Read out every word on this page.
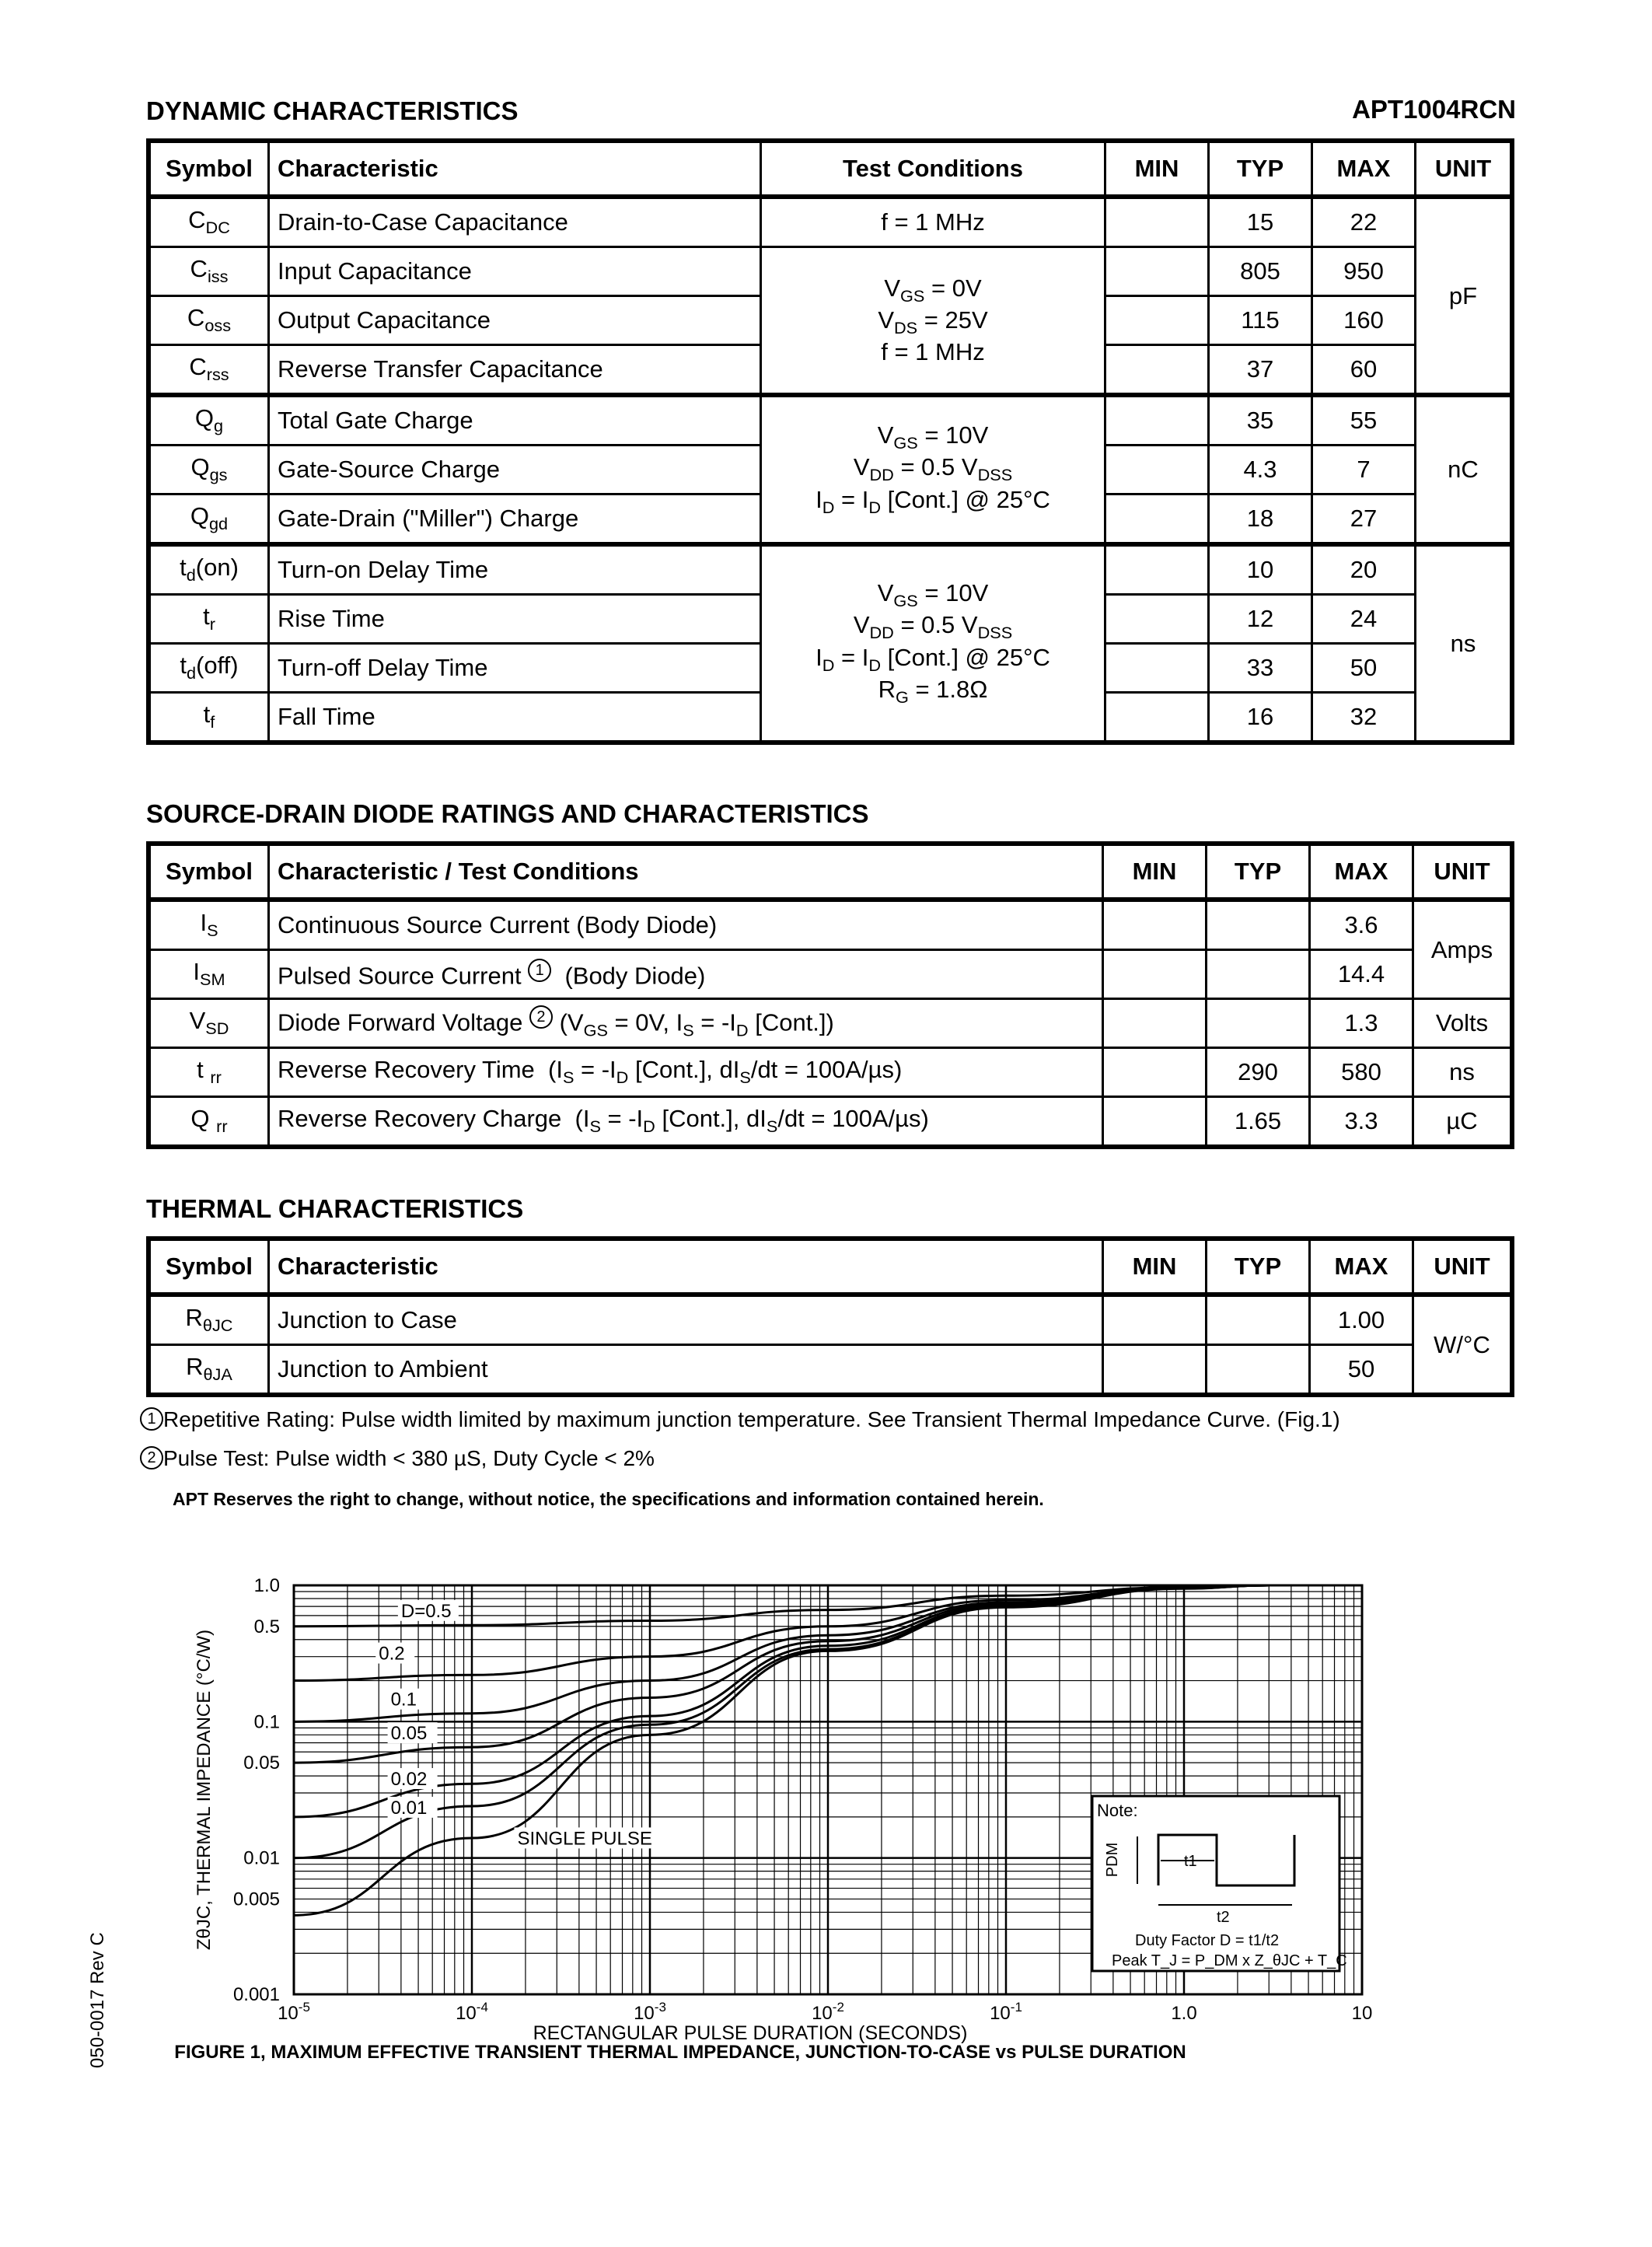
DYNAMIC CHARACTERISTICS	APT1004RCN
Symbol	Characteristic	Test Conditions	MIN	TYP	MAX	UNIT
$C_{DC}$	Drain-to-Case Capacitance	f = 1 MHz		15	22	pF
$C_{iss}$	Input Capacitance	$V_{GS} = 0V$
$V_{DS} = 25V$
f = 1 MHz		805	950	
$C_{oss}$	Output Capacitance			115	160	
$C_{rss}$	Reverse Transfer Capacitance			37	60	
$Q_g$	Total Gate Charge	$V_{GS} = 10V$
$V_{DD} = 0.5$ $V_{DSS}$
$I_D = I_D$ [Cont.] @ 25°C		35	55	nC
$Q_{gs}$	Gate-Source Charge			4.3	7	
$Q_{gd}$	Gate-Drain ("Miller") Charge			18	27	
$t_d(on)$	Turn-on Delay Time	$V_{GS} = 10V$
$V_{DD} = 0.5$ $V_{DSS}$
$I_D = I_D$ [Cont.] @ 25°C
$R_G = 1.8\Omega$		10	20	ns
$t_r$	Rise Time			12	24	
$t_d(off)$	Turn-off Delay Time			33	50	
$t_f$	Fall Time			16	32	
SOURCE-DRAIN DIODE RATINGS AND CHARACTERISTICS
Symbol	Characteristic / Test Conditions	MIN	TYP	MAX	UNIT
$I_S$	Continuous Source Current (Body Diode)			3.6	Amps
$I_{SM}$	Pulsed Source Current 1  (Body Diode)			14.4	
$V_{SD}$	Diode Forward Voltage 2 ($V_{GS} = 0V$, $I_S = -I_D$ [Cont.])			1.3	Volts
t $_{rr}$	Reverse Recovery Time  ($I_S = -I_D$ [Cont.], $dI_S/dt = 100A/\mu s$)		290	580	ns
Q $_{rr}$	Reverse Recovery Charge  ($I_S = -I_D$ [Cont.], $dI_S/dt = 100A/\mu s$)		1.65	3.3	µC
THERMAL CHARACTERISTICS
Symbol	Characteristic	MIN	TYP	MAX	UNIT
$R_{\theta JC}$	Junction to Case			1.00	W/°C
$R_{\theta JA}$	Junction to Ambient			50	
1 Repetitive Rating: Pulse width limited by maximum junction temperature. See Transient Thermal Impedance Curve. (Fig.1)
2 Pulse Test: Pulse width < 380 µS, Duty Cycle < 2%
APT Reserves the right to change, without notice, the specifications and information contained herein.
050-0017 Rev C	$10^{-5}$	$10^{-4}$	$10^{-3}$	$10^{-2}$	$10^{-1}$	1.0	10
1.0
0.5
0.1
0.05
0.01
0.005
0.001
D=0.5
0.2
0.1
0.05
0.02
0.01
SINGLE PULSE
RECTANGULAR PULSE DURATION (SECONDS)
FIGURE 1, MAXIMUM EFFECTIVE TRANSIENT THERMAL IMPEDANCE, JUNCTION-TO-CASE vs PULSE DURATION
ZθJC, THERMAL IMPEDANCE (°C/W)	Note:
PDM	t1
t2
Duty Factor D = t1/t2
Peak T_J = P_DM x Z_θJC + T_C
